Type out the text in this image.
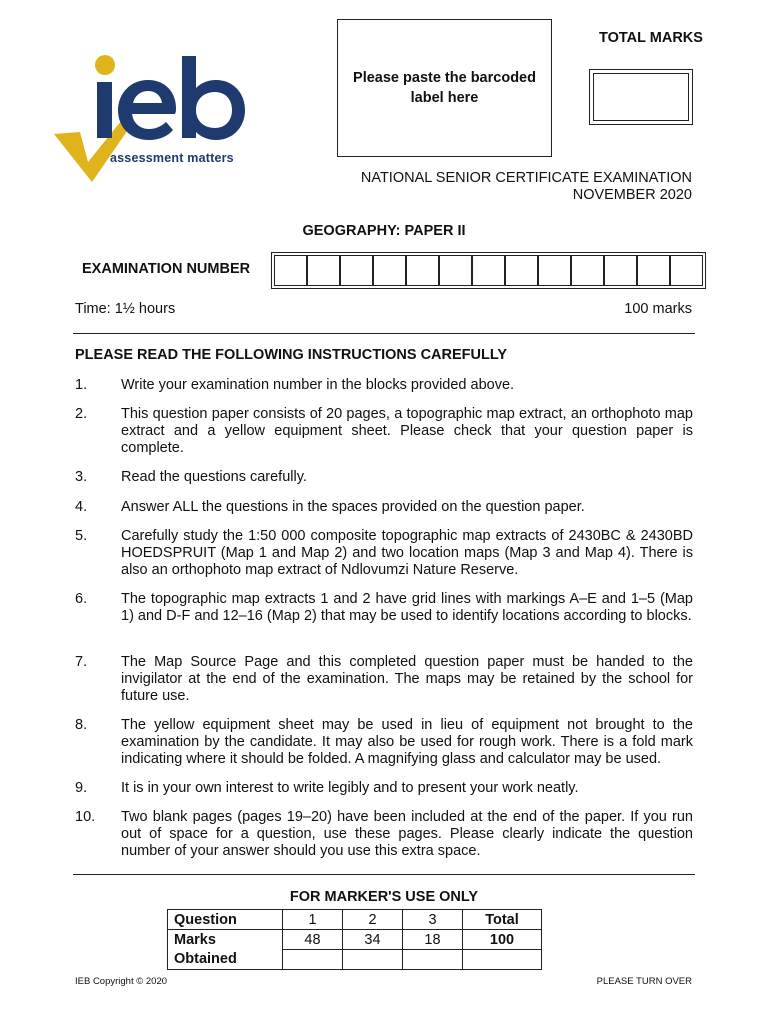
assessment matters
Please paste the barcoded label here
TOTAL MARKS
NATIONAL SENIOR CERTIFICATE EXAMINATION
NOVEMBER 2020
GEOGRAPHY: PAPER II
EXAMINATION NUMBER
Time: 1½ hours	100 marks
PLEASE READ THE FOLLOWING INSTRUCTIONS CAREFULLY
1. Write your examination number in the blocks provided above.
2. This question paper consists of 20 pages, a topographic map extract, an orthophoto map extract and a yellow equipment sheet. Please check that your question paper is complete.
3. Read the questions carefully.
4. Answer ALL the questions in the spaces provided on the question paper.
5. Carefully study the 1:50 000 composite topographic map extracts of 2430BC & 2430BD HOEDSPRUIT (Map 1 and Map 2) and two location maps (Map 3 and Map 4). There is also an orthophoto map extract of Ndlovumzi Nature Reserve.
6. The topographic map extracts 1 and 2 have grid lines with markings A–E and 1–5 (Map 1) and D-F and 12–16 (Map 2) that may be used to identify locations according to blocks.
7. The Map Source Page and this completed question paper must be handed to the invigilator at the end of the examination. The maps may be retained by the school for future use.
8. The yellow equipment sheet may be used in lieu of equipment not brought to the examination by the candidate. It may also be used for rough work. There is a fold mark indicating where it should be folded. A magnifying glass and calculator may be used.
9. It is in your own interest to write legibly and to present your work neatly.
10. Two blank pages (pages 19–20) have been included at the end of the paper. If you run out of space for a question, use these pages. Please clearly indicate the question number of your answer should you use this extra space.
FOR MARKER'S USE ONLY
Question	1	2	3	Total
Marks	48	34	18	100
Obtained				
IEB Copyright © 2020	PLEASE TURN OVER
